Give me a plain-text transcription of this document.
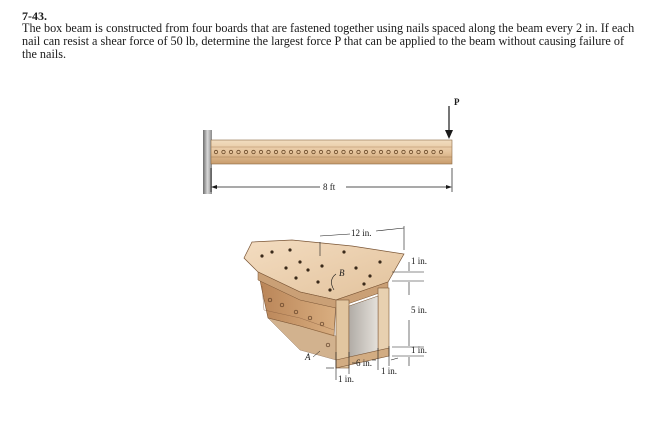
7-43.
The box beam is constructed from four boards that are fastened together using nails spaced along the beam every 2 in. If each nail can resist a shear force of 50 lb, determine the largest force P that can be applied to the beam without causing failure of the nails.
P
8 ft
B
A
12 in.
1 in.
5 in.
1 in.
6 in.
1 in.
1 in.
